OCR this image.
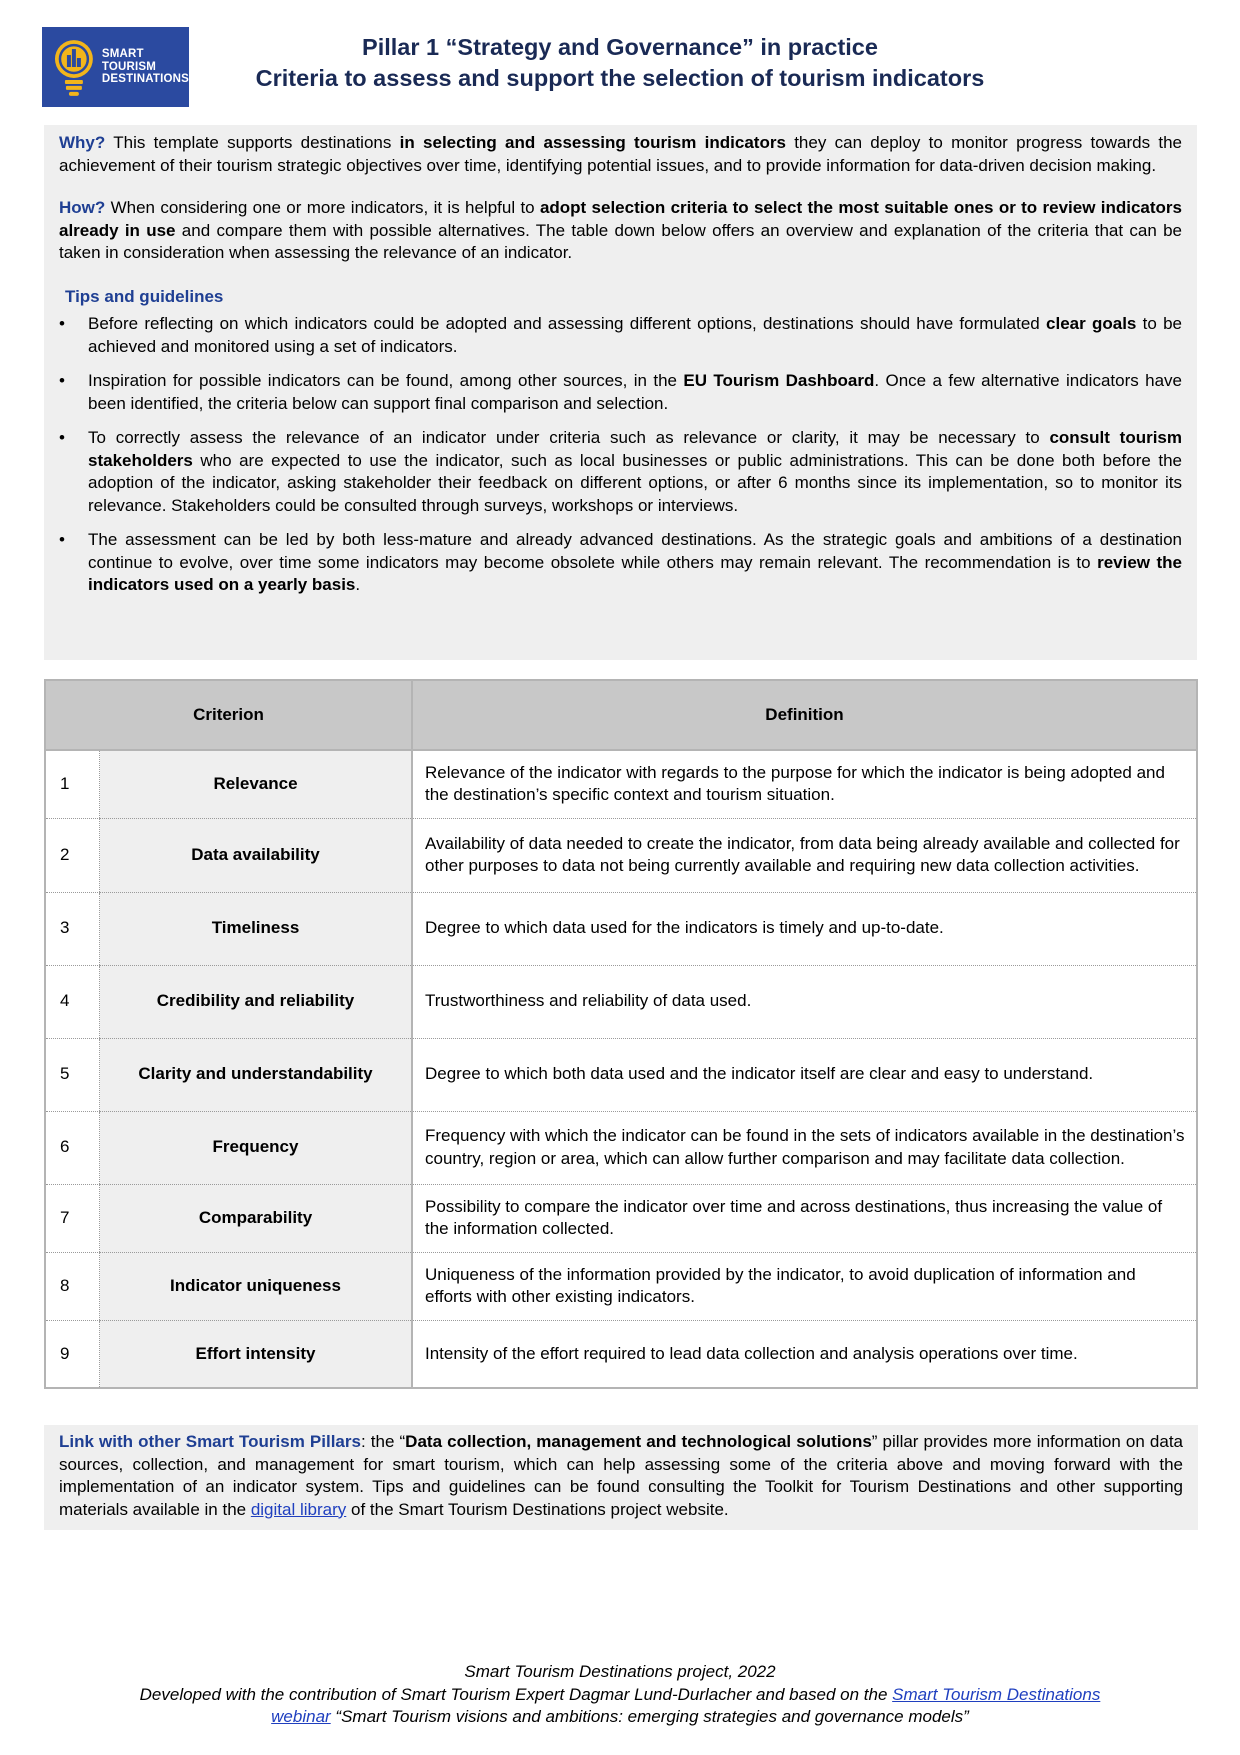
SMART
TOURISM
DESTINATIONS
Pillar 1 “Strategy and Governance” in practice
Criteria to assess and support the selection of tourism indicators

Why? This template supports destinations in selecting and assessing tourism indicators they can deploy to monitor progress towards the achievement of their tourism strategic objectives over time, identifying potential issues, and to provide information for data-driven decision making.

How? When considering one or more indicators, it is helpful to adopt selection criteria to select the most suitable ones or to review indicators already in use and compare them with possible alternatives. The table down below offers an overview and explanation of the criteria that can be taken in consideration when assessing the relevance of an indicator.

Tips and guidelines
• Before reflecting on which indicators could be adopted and assessing different options, destinations should have formulated clear goals to be achieved and monitored using a set of indicators.
• Inspiration for possible indicators can be found, among other sources, in the EU Tourism Dashboard. Once a few alternative indicators have been identified, the criteria below can support final comparison and selection.
• To correctly assess the relevance of an indicator under criteria such as relevance or clarity, it may be necessary to consult tourism stakeholders who are expected to use the indicator, such as local businesses or public administrations. This can be done both before the adoption of the indicator, asking stakeholder their feedback on different options, or after 6 months since its implementation, so to monitor its relevance. Stakeholders could be consulted through surveys, workshops or interviews.
• The assessment can be led by both less-mature and already advanced destinations. As the strategic goals and ambitions of a destination continue to evolve, over time some indicators may become obsolete while others may remain relevant. The recommendation is to review the indicators used on a yearly basis.
Criterion		Definition
1	Relevance	Relevance of the indicator with regards to the purpose for which the indicator is being adopted and the destination’s specific context and tourism situation.
2	Data availability	Availability of data needed to create the indicator, from data being already available and collected for other purposes to data not being currently available and requiring new data collection activities.
3	Timeliness	Degree to which data used for the indicators is timely and up-to-date.
4	Credibility and reliability	Trustworthiness and reliability of data used.
5	Clarity and understandability	Degree to which both data used and the indicator itself are clear and easy to understand.
6	Frequency	Frequency with which the indicator can be found in the sets of indicators available in the destination’s country, region or area, which can allow further comparison and may facilitate data collection.
7	Comparability	Possibility to compare the indicator over time and across destinations, thus increasing the value of the information collected.
8	Indicator uniqueness	Uniqueness of the information provided by the indicator, to avoid duplication of information and efforts with other existing indicators.
9	Effort intensity	Intensity of the effort required to lead data collection and analysis operations over time.
Link with other Smart Tourism Pillars: the “Data collection, management and technological solutions” pillar provides more information on data sources, collection, and management for smart tourism, which can help assessing some of the criteria above and moving forward with the implementation of an indicator system. Tips and guidelines can be found consulting the Toolkit for Tourism Destinations and other supporting materials available in the digital library of the Smart Tourism Destinations project website.
Smart Tourism Destinations project, 2022
Developed with the contribution of Smart Tourism Expert Dagmar Lund-Durlacher and based on the Smart Tourism Destinations
webinar “Smart Tourism visions and ambitions: emerging strategies and governance models”
